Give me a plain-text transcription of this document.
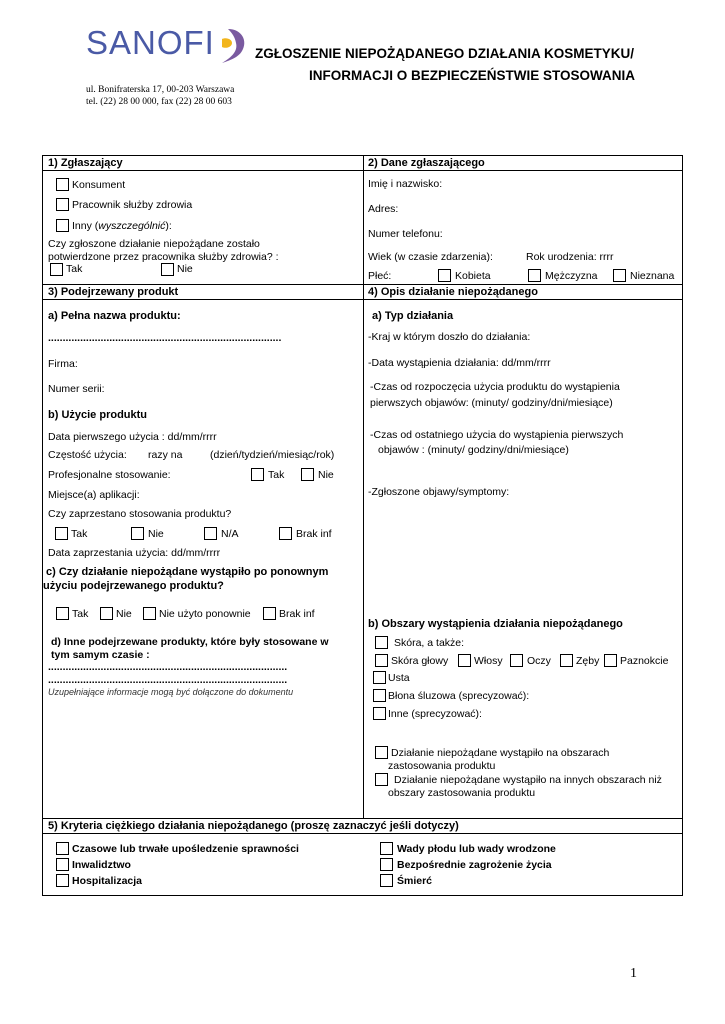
SANOFI	ZGŁOSZENIE NIEPOŻĄDANEGO DZIAŁANIA KOSMETYKU/
INFORMACJI O BEZPIECZEŃSTWIE STOSOWANIA
ul. Bonifraterska 17, 00-203 Warszawa
tel. (22) 28 00 000, fax (22) 28 00 603
1) Zgłaszający
Konsument
Pracownik służby zdrowia
Inny (wyszczególnić):
Czy zgłoszone działanie niepożądane zostało
potwierdzone przez pracownika służby zdrowia? :
Tak	Nie
2) Dane zgłaszającego
Imię i nazwisko:
Adres:
Numer telefonu:
Wiek (w czasie zdarzenia):	Rok urodzenia: rrrr
Płeć:	Kobieta	Mężczyzna	Nieznana
3) Podejrzewany produkt
a) Pełna nazwa produktu:
................................................................................
Firma:
Numer serii:
b) Użycie produktu
Data pierwszego użycia : dd/mm/rrrr
Częstość użycia: razy na	(dzień/tydzień/miesiąc/rok)
Profesjonalne stosowanie:	Tak	Nie
Miejsce(a) aplikacji:
Czy zaprzestano stosowania produktu?
Tak	Nie	N/A	Brak inf
Data zaprzestania użycia: dd/mm/rrrr
c) Czy działanie niepożądane wystąpiło po ponownym
użyciu podejrzewanego produktu?
Tak	Nie	Nie użyto ponownie	Brak inf
d) Inne podejrzewane produkty, które były stosowane w
tym samym czasie :
..................................................................................
..................................................................................
Uzupełniające informacje mogą być dołączone do dokumentu
4) Opis działanie niepożądanego
a) Typ działania
-Kraj w którym doszło do działania:
-Data wystąpienia działania: dd/mm/rrrr
-Czas od rozpoczęcia użycia produktu do wystąpienia
pierwszych objawów: (minuty/ godziny/dni/miesiące)
-Czas od ostatniego użycia do wystąpienia pierwszych
objawów : (minuty/ godziny/dni/miesiące)
-Zgłoszone objawy/symptomy:
b) Obszary wystąpienia działania niepożądanego
Skóra, a także:
Skóra głowy Włosy Oczy Zęby Paznokcie
Usta
Błona śluzowa (sprecyzować):
Inne (sprecyzować):
Działanie niepożądane wystąpiło na obszarach
zastosowania produktu
Działanie niepożądane wystąpiło na innych obszarach niż
obszary zastosowania produktu
5) Kryteria ciężkiego działania niepożądanego (proszę zaznaczyć jeśli dotyczy)
Czasowe lub trwałe upośledzenie sprawności
Inwalidztwo
Hospitalizacja
Wady płodu lub wady wrodzone
Bezpośrednie zagrożenie życia
Śmierć
1
